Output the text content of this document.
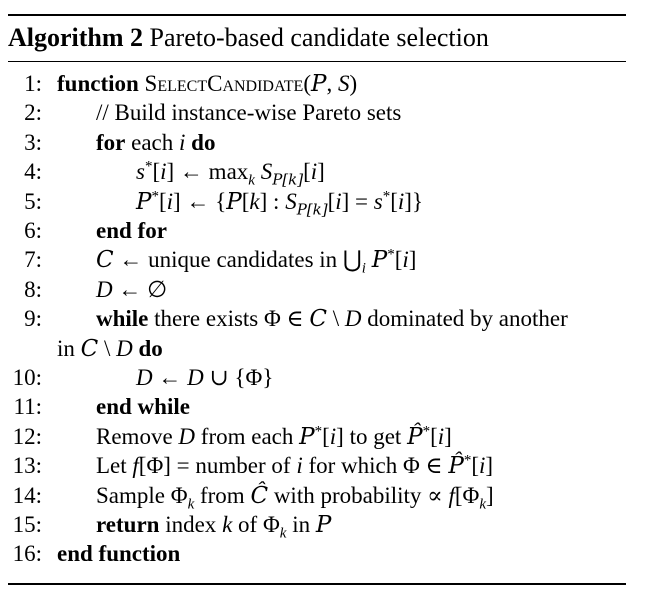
Algorithm 2 Pareto-based candidate selection
1: function SelectCandidate(P, S)
2: // Build instance-wise Pareto sets
3: for each i do
4:	s*[i] ← $\max_k S_{P[k]}[i]$
5:	P*[i] ← {P[k] : $S_{P[k]}[i] = s^*[i]$}
6: end for
7: C ← unique candidates in $⋃_i$ P*[i]
8: D ← ∅
9: while there exists Φ ∈ C \ D dominated by another
in C \ D do
10:	D ← D ∪ {Φ}
11: end while
12: Remove D from each P*[i] to get P̂*[i]
13: Let f[Φ] = number of i for which Φ ∈ P̂*[i]
14: Sample $\Phi_k$ from Ĉ with probability ∝ $f[\Phi_k]$
15: return index k of $\Phi_k$ in P
16: end function
